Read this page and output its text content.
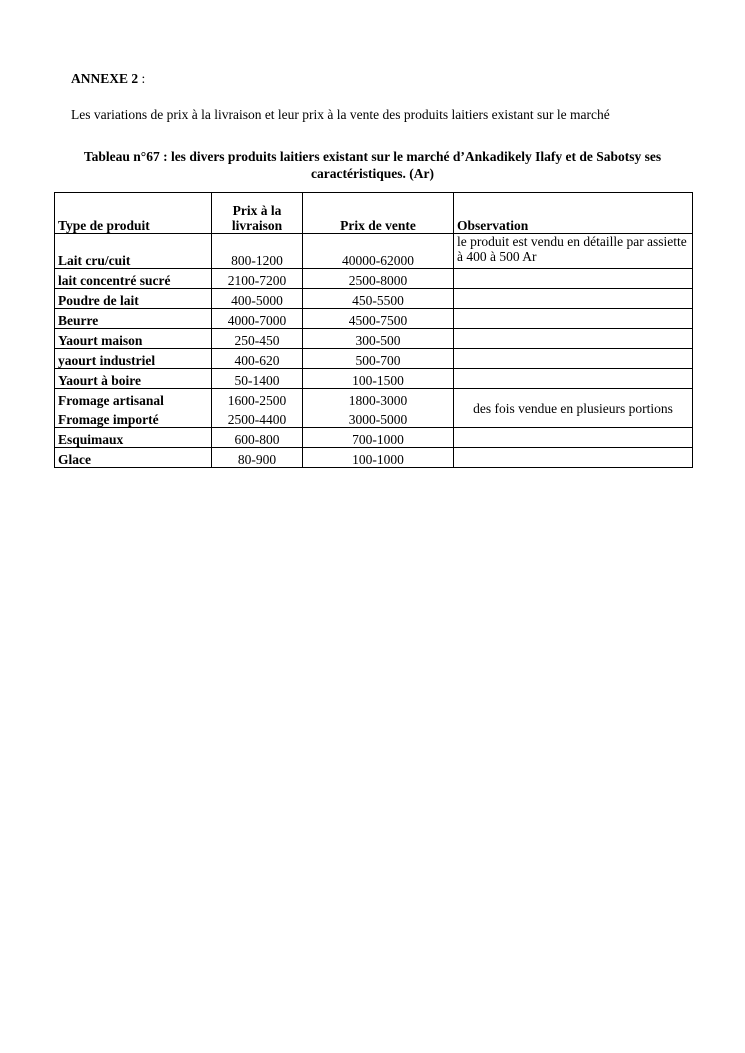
ANNEXE 2 :
Les variations de prix à la livraison et leur prix à la vente des produits laitiers existant sur le marché
Tableau n°67 : les divers produits laitiers existant sur le marché d’Ankadikely Ilafy et de Sabotsy ses caractéristiques. (Ar)
Type de produit	Prix à la livraison	Prix de vente	Observation
Lait cru/cuit	800-1200	40000-62000	le produit est vendu en détaille par assiette à 400 à 500 Ar
lait concentré sucré	2100-7200	2500-8000	
Poudre de lait	400-5000	450-5500	
Beurre	4000-7000	4500-7500	
Yaourt maison	250-450	300-500	
yaourt industriel	400-620	500-700	
Yaourt à boire	50-1400	100-1500	
Fromage artisanal	1600-2500	1800-3000	des fois vendue en plusieurs portions
Fromage importé	2500-4400	3000-5000	
Esquimaux	600-800	700-1000	
Glace	80-900	100-1000	
